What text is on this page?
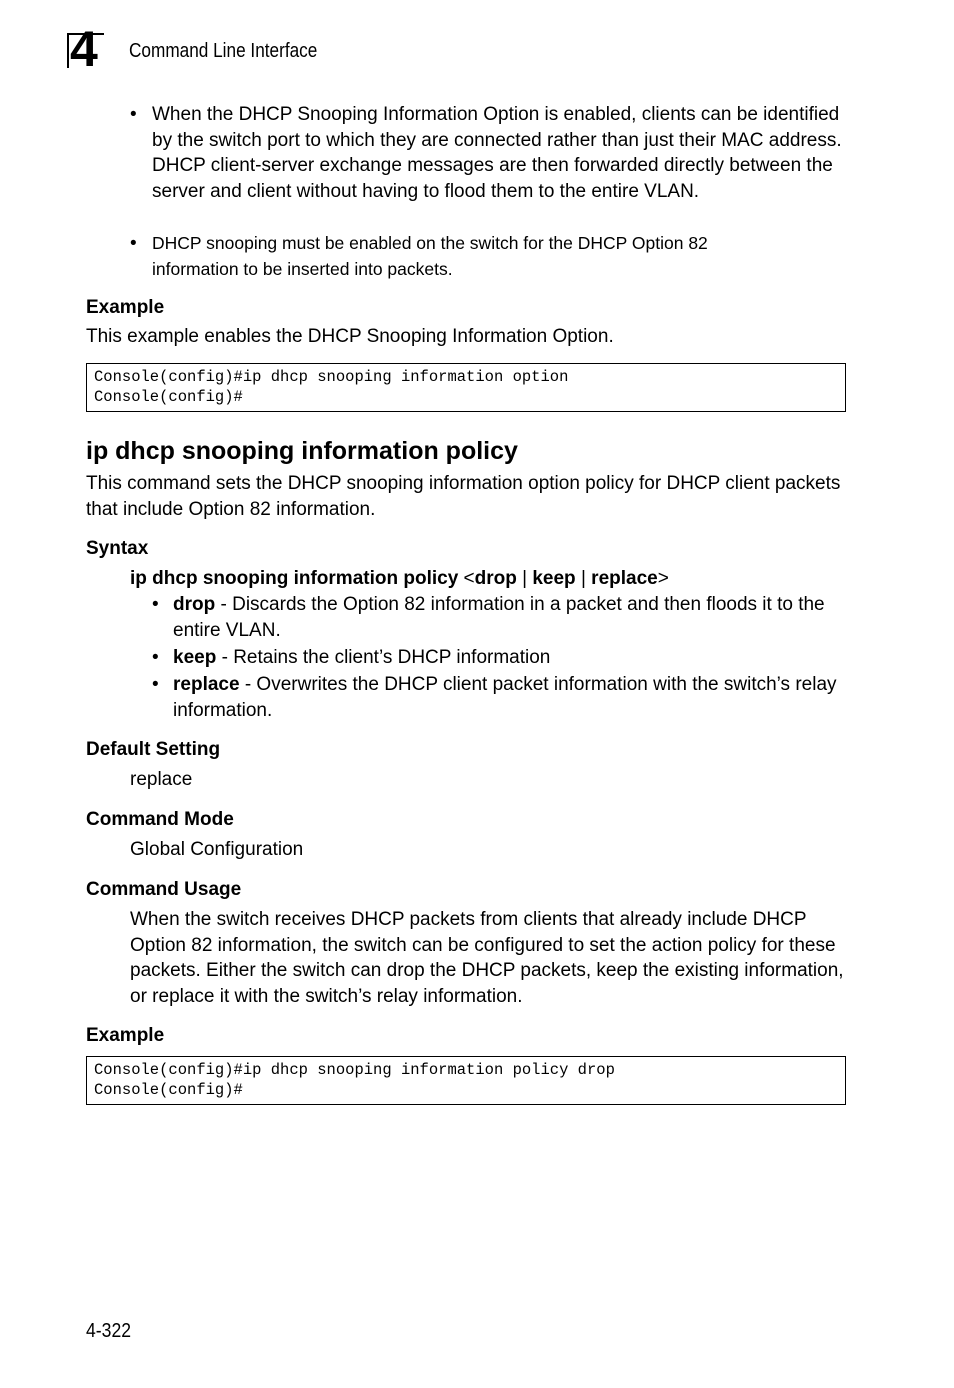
4 Command Line Interface
• When the DHCP Snooping Information Option is enabled, clients can be identified by the switch port to which they are connected rather than just their MAC address. DHCP client-server exchange messages are then forwarded directly between the server and client without having to flood them to the entire VLAN.
• DHCP snooping must be enabled on the switch for the DHCP Option 82 information to be inserted into packets.
Example
This example enables the DHCP Snooping Information Option.
Console(config)#ip dhcp snooping information option
Console(config)#
ip dhcp snooping information policy
This command sets the DHCP snooping information option policy for DHCP client packets that include Option 82 information.
Syntax
ip dhcp snooping information policy <drop | keep | replace>
• drop - Discards the Option 82 information in a packet and then floods it to the entire VLAN.
• keep - Retains the client’s DHCP information
• replace - Overwrites the DHCP client packet information with the switch’s relay information.
Default Setting
replace
Command Mode
Global Configuration
Command Usage
When the switch receives DHCP packets from clients that already include DHCP Option 82 information, the switch can be configured to set the action policy for these packets. Either the switch can drop the DHCP packets, keep the existing information, or replace it with the switch’s relay information.
Example
Console(config)#ip dhcp snooping information policy drop
Console(config)#
4-322
